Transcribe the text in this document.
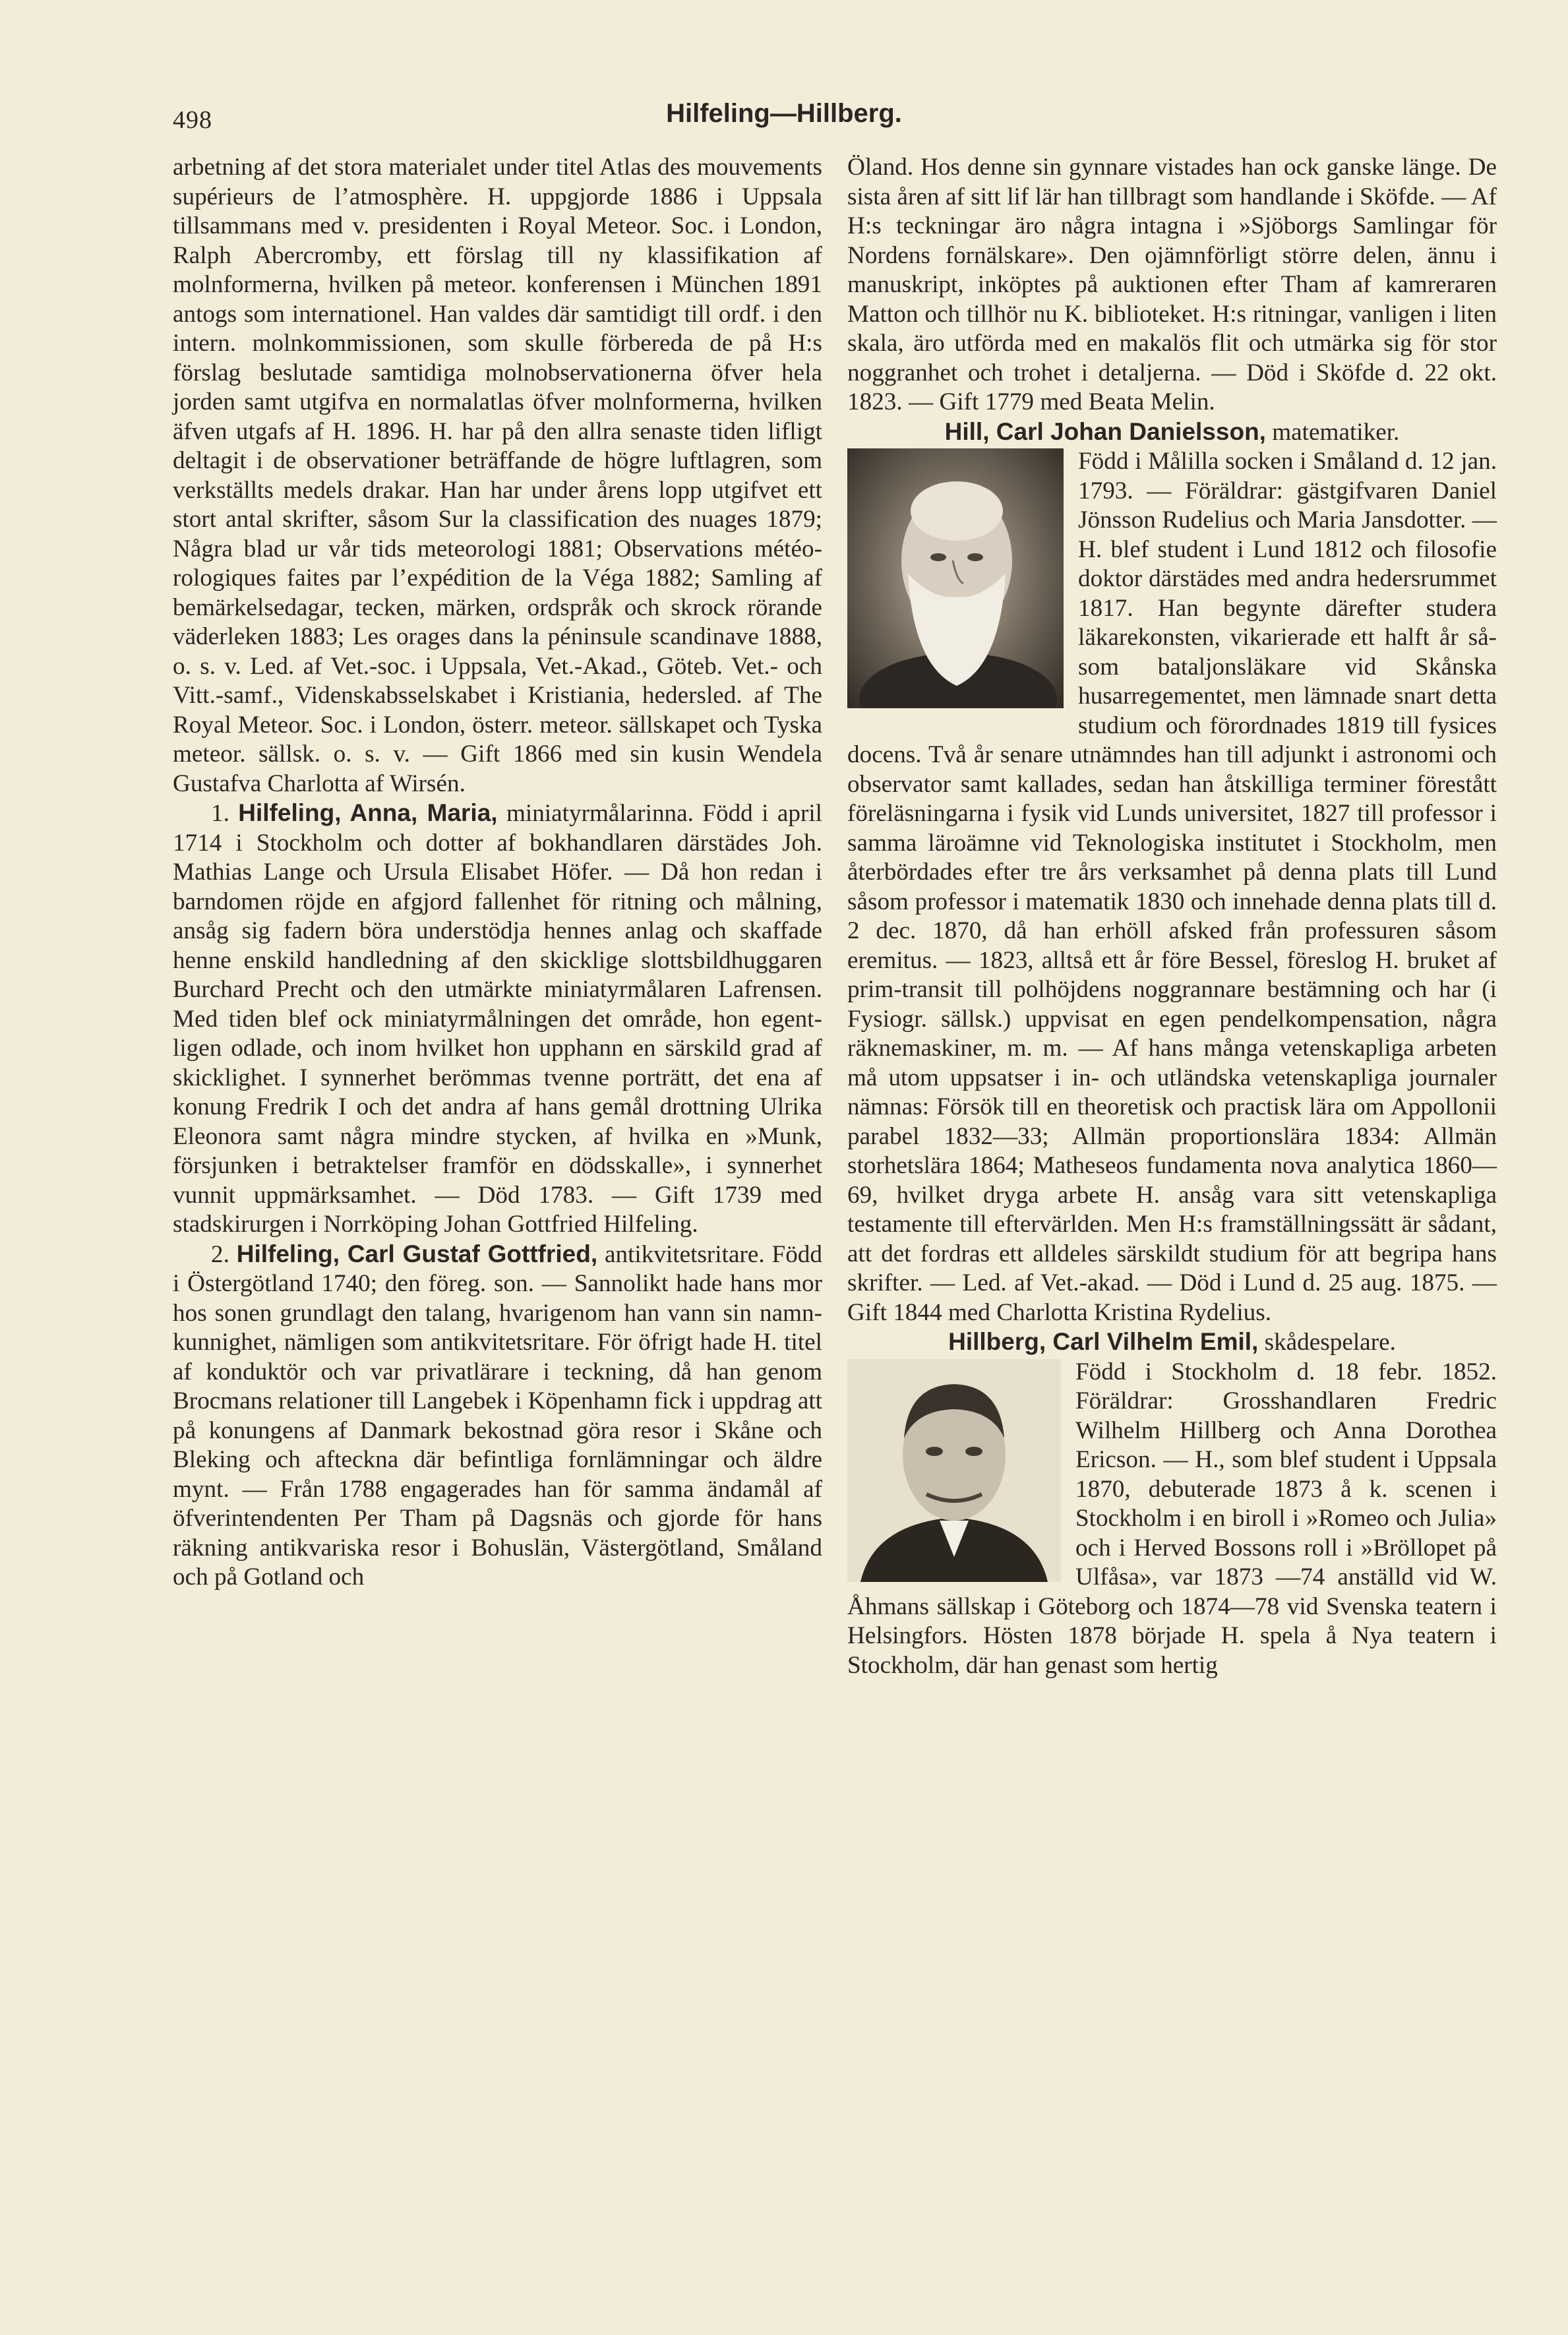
498	Hilfeling—Hillberg.

arbetning af det stora materialet under titel Atlas des mouvements supérieurs de l’atmosphère. H. uppgjorde 1886 i Uppsala tillsammans med v. presidenten i Royal Meteor. Soc. i London, Ralph Abercromby, ett förslag till ny klassifikation af molnformerna, hvilken på meteor. konferensen i München 1891 antogs som internationel. Han valdes där samtidigt till ordf. i den intern. molnkommissionen, som skulle förbereda de på H:s förslag beslutade samtidiga molnobservationerna öfver hela jorden samt utgifva en normalatlas öfver molnformerna, hvilken äfven utgafs af H. 1896. H. har på den allra senaste tiden lifligt deltagit i de observationer beträffande de högre luftlagren, som verkställts medels drakar. Han har under årens lopp utgifvet ett stort antal skrifter, såsom Sur la classification des nuages 1879; Några blad ur vår tids meteorologi 1881; Observations météorologiques faites par l’expédition de la Véga 1882; Samling af bemärkelsedagar, tecken, märken, ordspråk och skrock rörande väderleken 1883; Les orages dans la péninsule scandinave 1888, o. s. v. Led. af Vet.-soc. i Uppsala, Vet.-Akad., Göteb. Vet.- och Vitt.-samf., Videnskabsselskabet i Kristiania, hedersled. af The Royal Meteor. Soc. i London, österr. meteor. sällskapet och Tyska meteor. sällsk. o. s. v. — Gift 1866 med sin kusin Wendela Gustafva Charlotta af Wirsén.

1. Hilfeling, Anna, Maria, miniatyrmålarinna. Född i april 1714 i Stockholm och dotter af bokhandlaren därstädes Joh. Mathias Lange och Ursula Elisabet Höfer. — Då hon redan i barndomen röjde en afgjord fallenhet för ritning och målning, ansåg sig fadern böra understödja hennes anlag och skaffade henne enskild handledning af den skicklige slottsbildhuggaren Burchard Precht och den utmärkte miniatyrmålaren Lafrensen. Med tiden blef ock miniatyrmålningen det område, hon egentligen odlade, och inom hvilket hon upphann en särskild grad af skicklighet. I synnerhet berömmas tvenne porträtt, det ena af konung Fredrik I och det andra af hans gemål drottning Ulrika Eleonora samt några mindre stycken, af hvilka en »Munk, försjunken i betraktelser framför en dödsskalle», i synnerhet vunnit uppmärksamhet. — Död 1783. — Gift 1739 med stadskirurgen i Norrköping Johan Gottfried Hilfeling.

2. Hilfeling, Carl Gustaf Gottfried, antikvitetsritare. Född i Östergötland 1740; den föreg. son. — Sannolikt hade hans mor hos sonen grundlagt den talang, hvarigenom han vann sin namnkunnighet, nämligen som antikvitetsritare. För öfrigt hade H. titel af konduktör och var privatlärare i teckning, då han genom Brocmans relationer till Langebek i Köpenhamn fick i uppdrag att på konungens af Danmark bekostnad göra resor i Skåne och Bleking och afteckna där befintliga fornlämningar och äldre mynt. — Från 1788 engagerades han för samma ändamål af öfverintendenten Per Tham på Dagsnäs och gjorde för hans räkning antikvariska resor i Bohuslän, Västergötland, Småland och på Gotland och

Öland. Hos denne sin gynnare vistades han ock ganske länge. De sista åren af sitt lif lär han tillbragt som handlande i Sköfde. — Af H:s teckningar äro några intagna i »Sjöborgs Samlingar för Nordens fornälskare». Den ojämnförligt större delen, ännu i manuskript, inköptes på auktionen efter Tham af kamreraren Matton och tillhör nu K. biblioteket. H:s ritningar, vanligen i liten skala, äro utförda med en makalös flit och utmärka sig för stor noggranhet och trohet i detaljerna. — Död i Sköfde d. 22 okt. 1823. — Gift 1779 med Beata Melin.

Hill, Carl Johan Danielsson, matematiker.

Född i Målilla socken i Småland d. 12 jan. 1793. — Föräldrar: gästgifvaren Daniel Jönsson Rudelius och Maria Jansdotter. — H. blef student i Lund 1812 och filosofie doktor därstädes med andra hedersrummet 1817. Han begynte därefter studera läkarekonsten, vikarierade ett halft år såsom bataljonsläkare vid Skånska husarregementet, men lämnade snart detta studium och förordnades 1819 till fysices docens. Två år senare utnämndes han till adjunkt i astronomi och observator samt kallades, sedan han åtskilliga terminer förestått föreläsningarna i fysik vid Lunds universitet, 1827 till professor i samma läroämne vid Teknologiska institutet i Stockholm, men återbördades efter tre års verksamhet på denna plats till Lund såsom professor i matematik 1830 och innehade denna plats till d. 2 dec. 1870, då han erhöll afsked från professuren såsom eremitus. — 1823, alltså ett år före Bessel, föreslog H. bruket af prim-transit till polhöjdens noggrannare bestämning och har (i Fysiogr. sällsk.) uppvisat en egen pendelkompensation, några räknemaskiner, m. m. — Af hans många vetenskapliga arbeten må utom uppsatser i in- och utländska vetenskapliga journaler nämnas: Försök till en theoretisk och practisk lära om Appollonii parabel 1832—33; Allmän proportionslära 1834: Allmän storhetslära 1864; Matheseos fundamenta nova analytica 1860—69, hvilket dryga arbete H. ansåg vara sitt vetenskapliga testamente till eftervärlden. Men H:s framställningssätt är sådant, att det fordras ett alldeles särskildt studium för att begripa hans skrifter. — Led. af Vet.-akad. — Död i Lund d. 25 aug. 1875. — Gift 1844 med Charlotta Kristina Rydelius.

Hillberg, Carl Vilhelm Emil, skådespelare.

Född i Stockholm d. 18 febr. 1852. Föräldrar: Grosshandlaren Fredric Wilhelm Hillberg och Anna Dorothea Ericson. — H., som blef student i Uppsala 1870, debuterade 1873 å k. scenen i Stockholm i en biroll i »Romeo och Julia» och i Herved Bossons roll i »Bröllopet på Ulfåsa», var 1873 —74 anställd vid W. Åhmans sällskap i Göteborg och 1874—78 vid Svenska teatern i Helsingfors. Hösten 1878 började H. spela å Nya teatern i Stockholm, där han genast som hertig
